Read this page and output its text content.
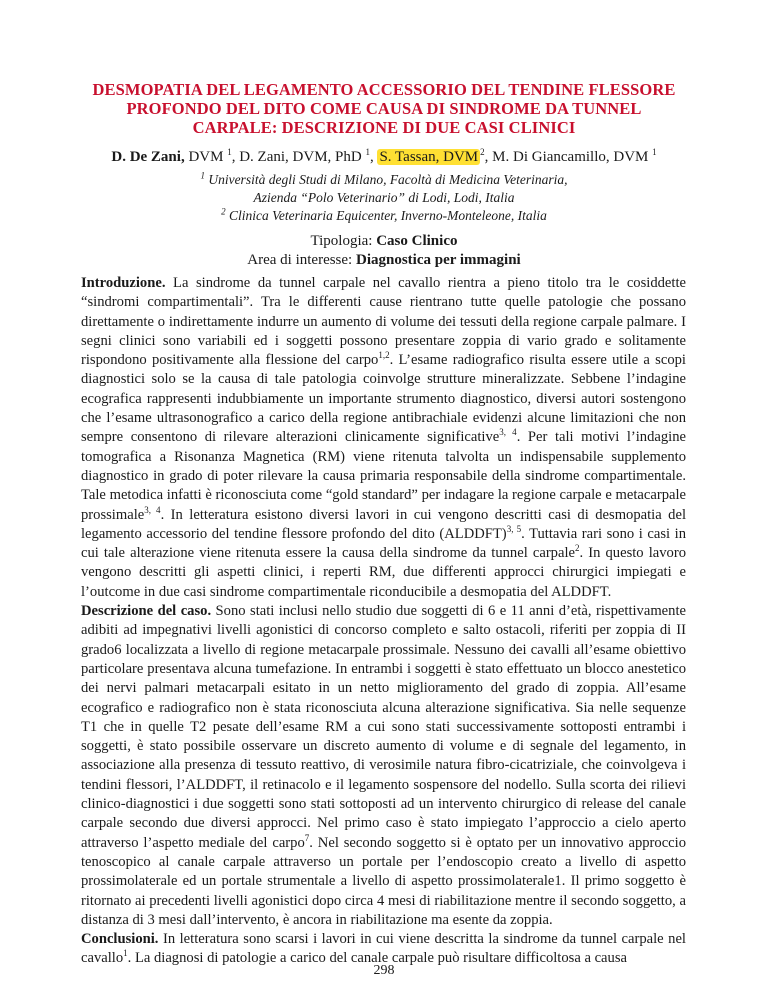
DESMOPATIA DEL LEGAMENTO ACCESSORIO DEL TENDINE FLESSORE
PROFONDO DEL DITO COME CAUSA DI SINDROME DA TUNNEL
CARPALE: DESCRIZIONE DI DUE CASI CLINICI
D. De Zani, DVM $^1$, D. Zani, DVM, PhD $^1$, S. Tassan, DVM $^2$, M. Di Giancamillo, DVM $^1$
$^1$ Università degli Studi di Milano, Facoltà di Medicina Veterinaria,
Azienda “Polo Veterinario” di Lodi, Lodi, Italia
$^2$ Clinica Veterinaria Equicenter, Inverno-Monteleone, Italia
Tipologia: Caso Clinico
Area di interesse: Diagnostica per immagini

Introduzione. La sindrome da tunnel carpale nel cavallo rientra a pieno titolo tra le cosiddette “sindromi compartimentali”. Tra le differenti cause rientrano tutte quelle patologie che possano direttamente o indirettamente indurre un aumento di volume dei tessuti della regione carpale palmare. I segni clinici sono variabili ed i soggetti possono presentare zoppia di vario grado e solitamente rispondono positivamente alla flessione del carpo$^{1,2}$. L’esame radiografico risulta essere utile a scopi diagnostici solo se la causa di tale patologia coinvolge strutture mineralizzate. Sebbene l’indagine ecografica rappresenti indubbiamente un importante strumento diagnostico, diversi autori sostengono che l’esame ultrasonografico a carico della regione antibrachiale evidenzi alcune limitazioni che non sempre consentono di rilevare alterazioni clinicamente significative$^{3, 4}$. Per tali motivi l’indagine tomografica a Risonanza Magnetica (RM) viene ritenuta talvolta un indispensabile supplemento diagnostico in grado di poter rilevare la causa primaria responsabile della sindrome compartimentale. Tale metodica infatti è riconosciuta come “gold standard” per indagare la regione carpale e metacarpale prossimale$^{3, 4}$. In letteratura esistono diversi lavori in cui vengono descritti casi di desmopatia del legamento accessorio del tendine flessore profondo del dito (ALDDFT)$^{3, 5}$. Tuttavia rari sono i casi in cui tale alterazione viene ritenuta essere la causa della sindrome da tunnel carpale$^2$. In questo lavoro vengono descritti gli aspetti clinici, i reperti RM, due differenti approcci chirurgici impiegati e l’outcome in due casi sindrome compartimentale riconducibile a desmopatia del ALDDFT.

Descrizione del caso. Sono stati inclusi nello studio due soggetti di 6 e 11 anni d’età, rispettivamente adibiti ad impegnativi livelli agonistici di concorso completo e salto ostacoli, riferiti per zoppia di II grado6 localizzata a livello di regione metacarpale prossimale. Nessuno dei cavalli all’esame obiettivo particolare presentava alcuna tumefazione. In entrambi i soggetti è stato effettuato un blocco anestetico dei nervi palmari metacarpali esitato in un netto miglioramento del grado di zoppia. All’esame ecografico e radiografico non è stata riconosciuta alcuna alterazione significativa. Sia nelle sequenze T1 che in quelle T2 pesate dell’esame RM a cui sono stati successivamente sottoposti entrambi i soggetti, è stato possibile osservare un discreto aumento di volume e di segnale del legamento, in associazione alla presenza di tessuto reattivo, di verosimile natura fibro-cicatriziale, che coinvolgeva i tendini flessori, l’ALDDFT, il retinacolo e il legamento sospensore del nodello. Sulla scorta dei rilievi clinico-diagnostici i due soggetti sono stati sottoposti ad un intervento chirurgico di release del canale carpale secondo due diversi approcci. Nel primo caso è stato impiegato l’approccio a cielo aperto attraverso l’aspetto mediale del carpo$^7$. Nel secondo soggetto si è optato per un innovativo approccio tenoscopico al canale carpale attraverso un portale per l’endoscopio creato a livello di aspetto prossimolaterale ed un portale strumentale a livello di aspetto prossimolaterale1. Il primo soggetto è ritornato ai precedenti livelli agonistici dopo circa 4 mesi di riabilitazione mentre il secondo soggetto, a distanza di 3 mesi dall’intervento, è ancora in riabilitazione ma esente da zoppia.

Conclusioni. In letteratura sono scarsi i lavori in cui viene descritta la sindrome da tunnel carpale nel cavallo$^1$. La diagnosi di patologie a carico del canale carpale può risultare difficoltosa a causa

298
